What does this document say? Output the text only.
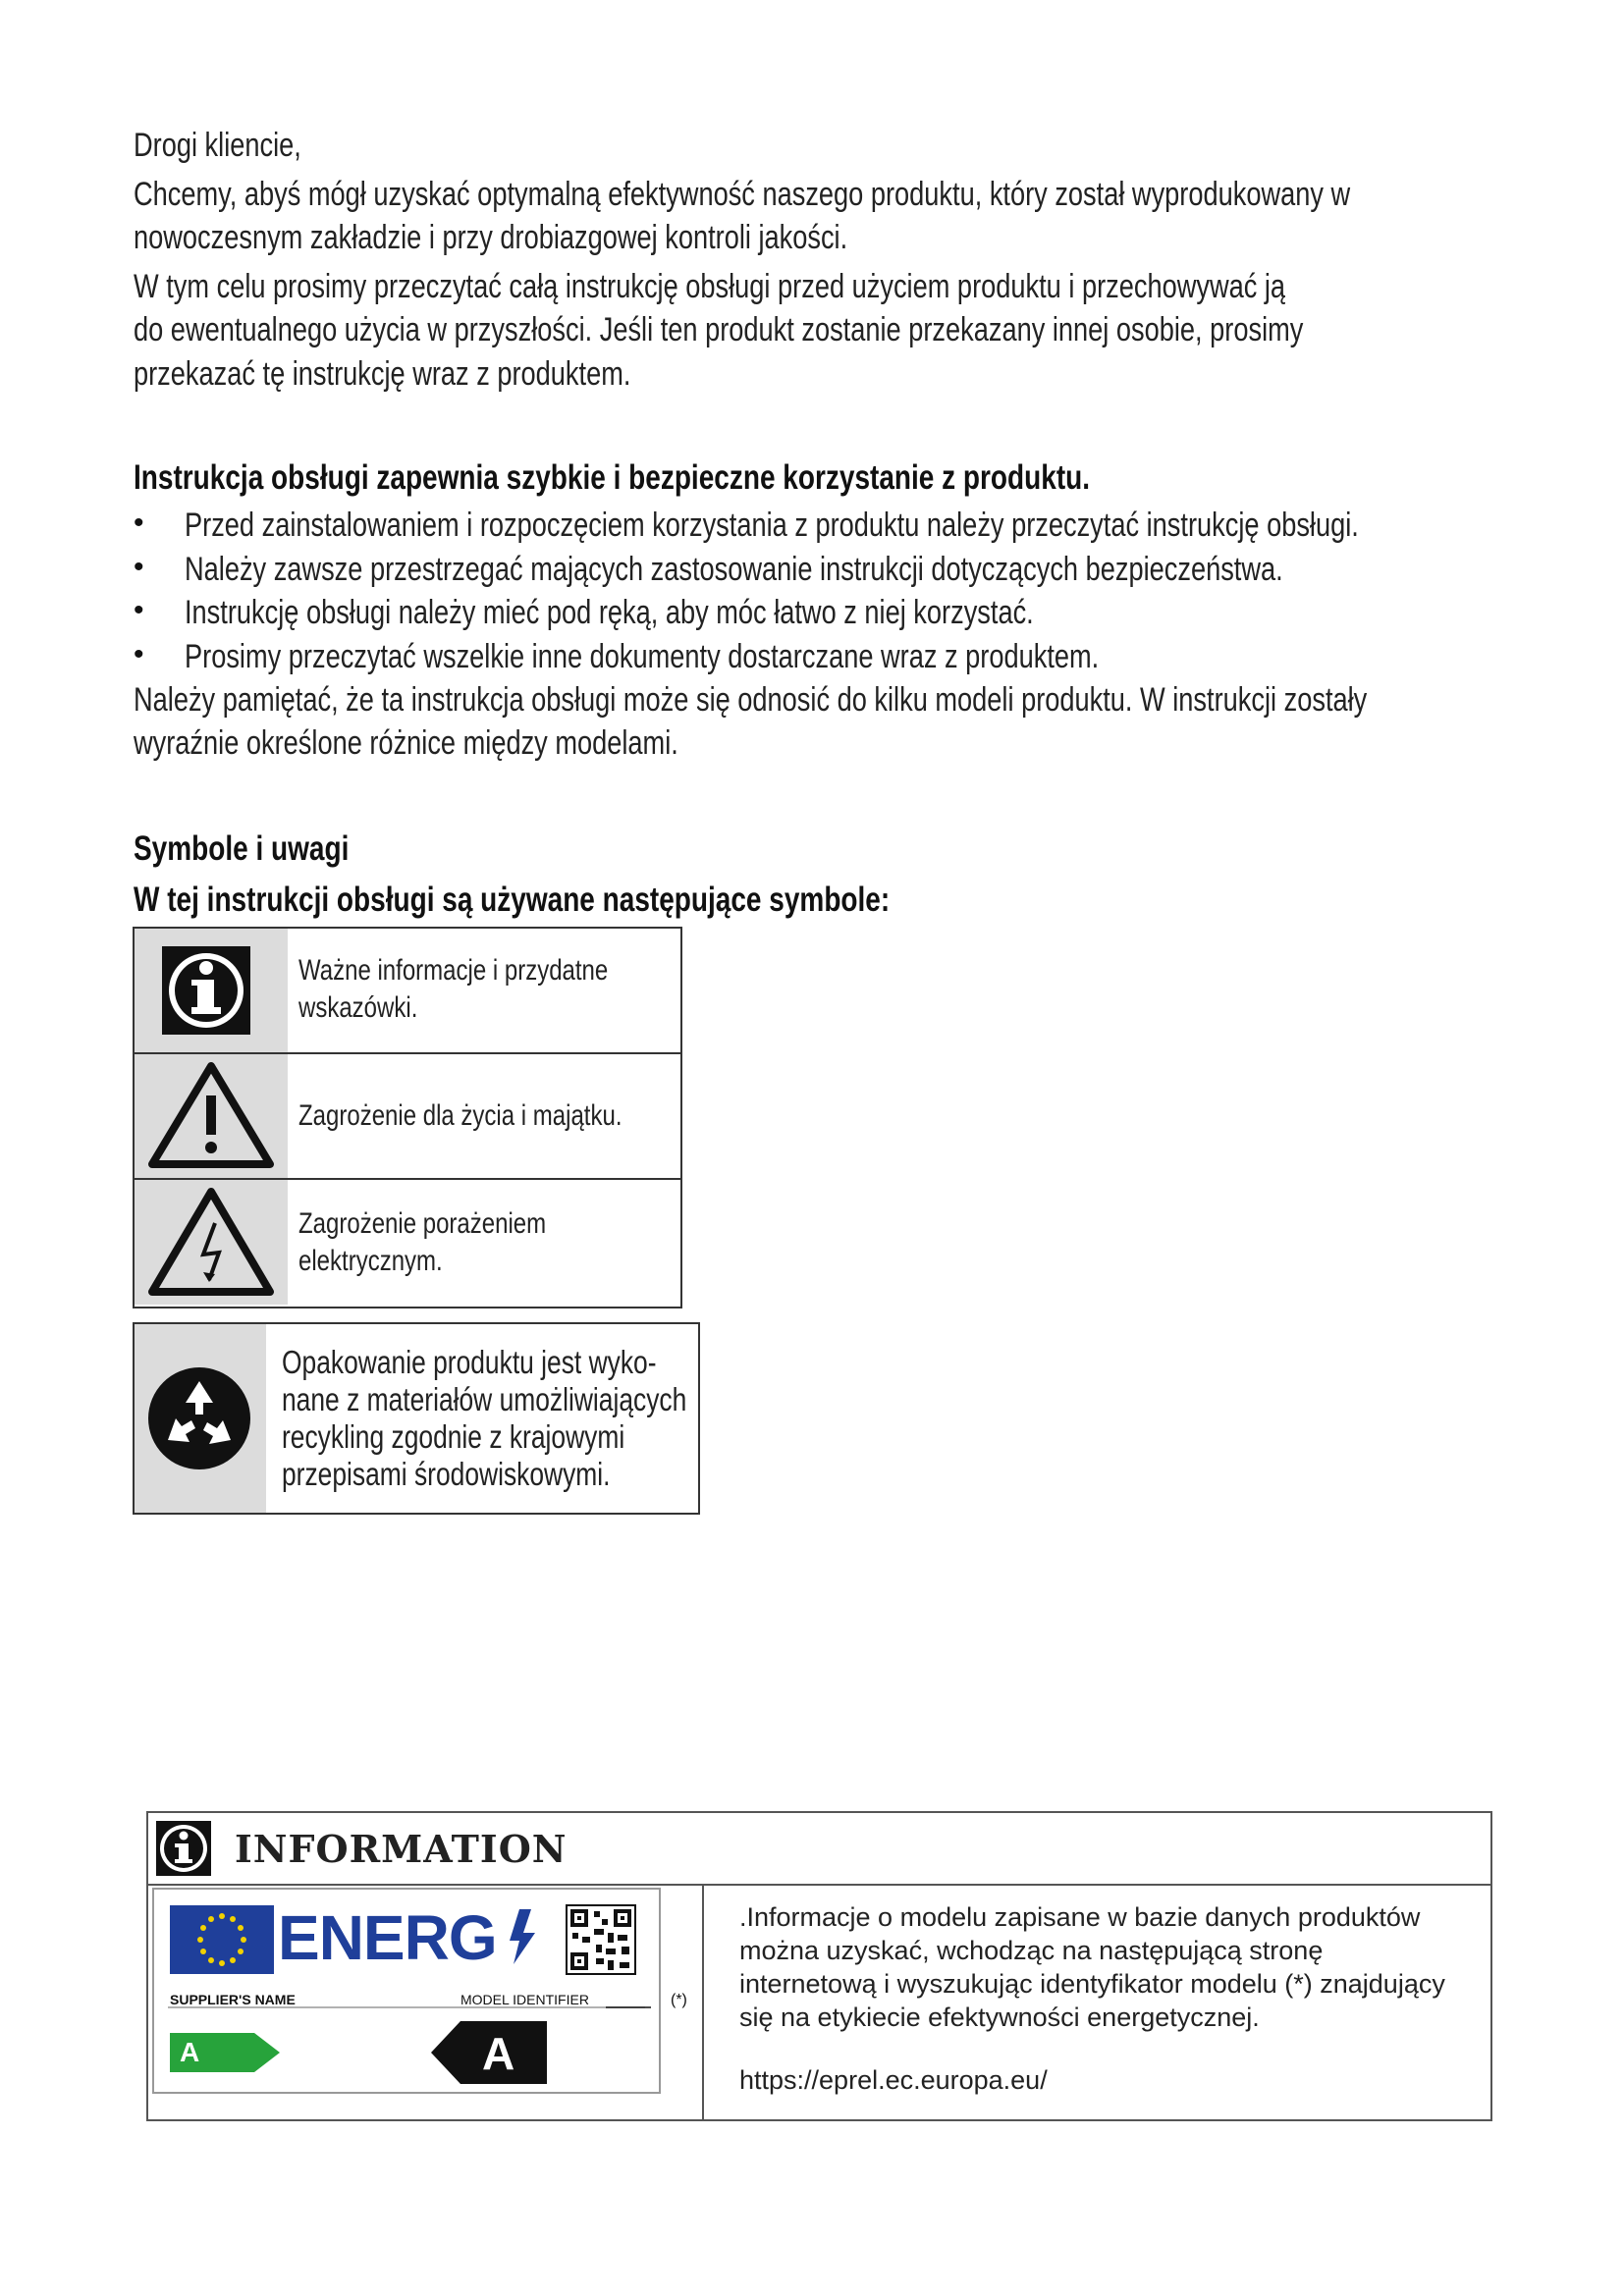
Drogi kliencie,
Chcemy, abyś mógł uzyskać optymalną efektywność naszego produktu, który został wyprodukowany w
nowoczesnym zakładzie i przy drobiazgowej kontroli jakości.
W tym celu prosimy przeczytać całą instrukcję obsługi przed użyciem produktu i przechowywać ją
do ewentualnego użycia w przyszłości. Jeśli ten produkt zostanie przekazany innej osobie, prosimy
przekazać tę instrukcję wraz z produktem.
Instrukcja obsługi zapewnia szybkie i bezpieczne korzystanie z produktu.
• Przed zainstalowaniem i rozpoczęciem korzystania z produktu należy przeczytać instrukcję obsługi.
• Należy zawsze przestrzegać mających zastosowanie instrukcji dotyczących bezpieczeństwa.
• Instrukcję obsługi należy mieć pod ręką, aby móc łatwo z niej korzystać.
• Prosimy przeczytać wszelkie inne dokumenty dostarczane wraz z produktem.
Należy pamiętać, że ta instrukcja obsługi może się odnosić do kilku modeli produktu. W instrukcji zostały
wyraźnie określone różnice między modelami.
Symbole i uwagi
W tej instrukcji obsługi są używane następujące symbole:
Ważne informacje i przydatne
wskazówki.
Zagrożenie dla życia i majątku.
Zagrożenie porażeniem
elektrycznym.
Opakowanie produktu jest wyko-
nane z materiałów umożliwiających
recykling zgodnie z krajowymi
przepisami środowiskowymi.
INFORMATION
ENERG
SUPPLIER'S NAME	MODEL IDENTIFIER
A	A
(*)
.Informacje o modelu zapisane w bazie danych produktów
można uzyskać, wchodząc na następującą stronę
internetową i wyszukując identyfikator modelu (*) znajdujący
się na etykiecie efektywności energetycznej.
https://eprel.ec.europa.eu/
